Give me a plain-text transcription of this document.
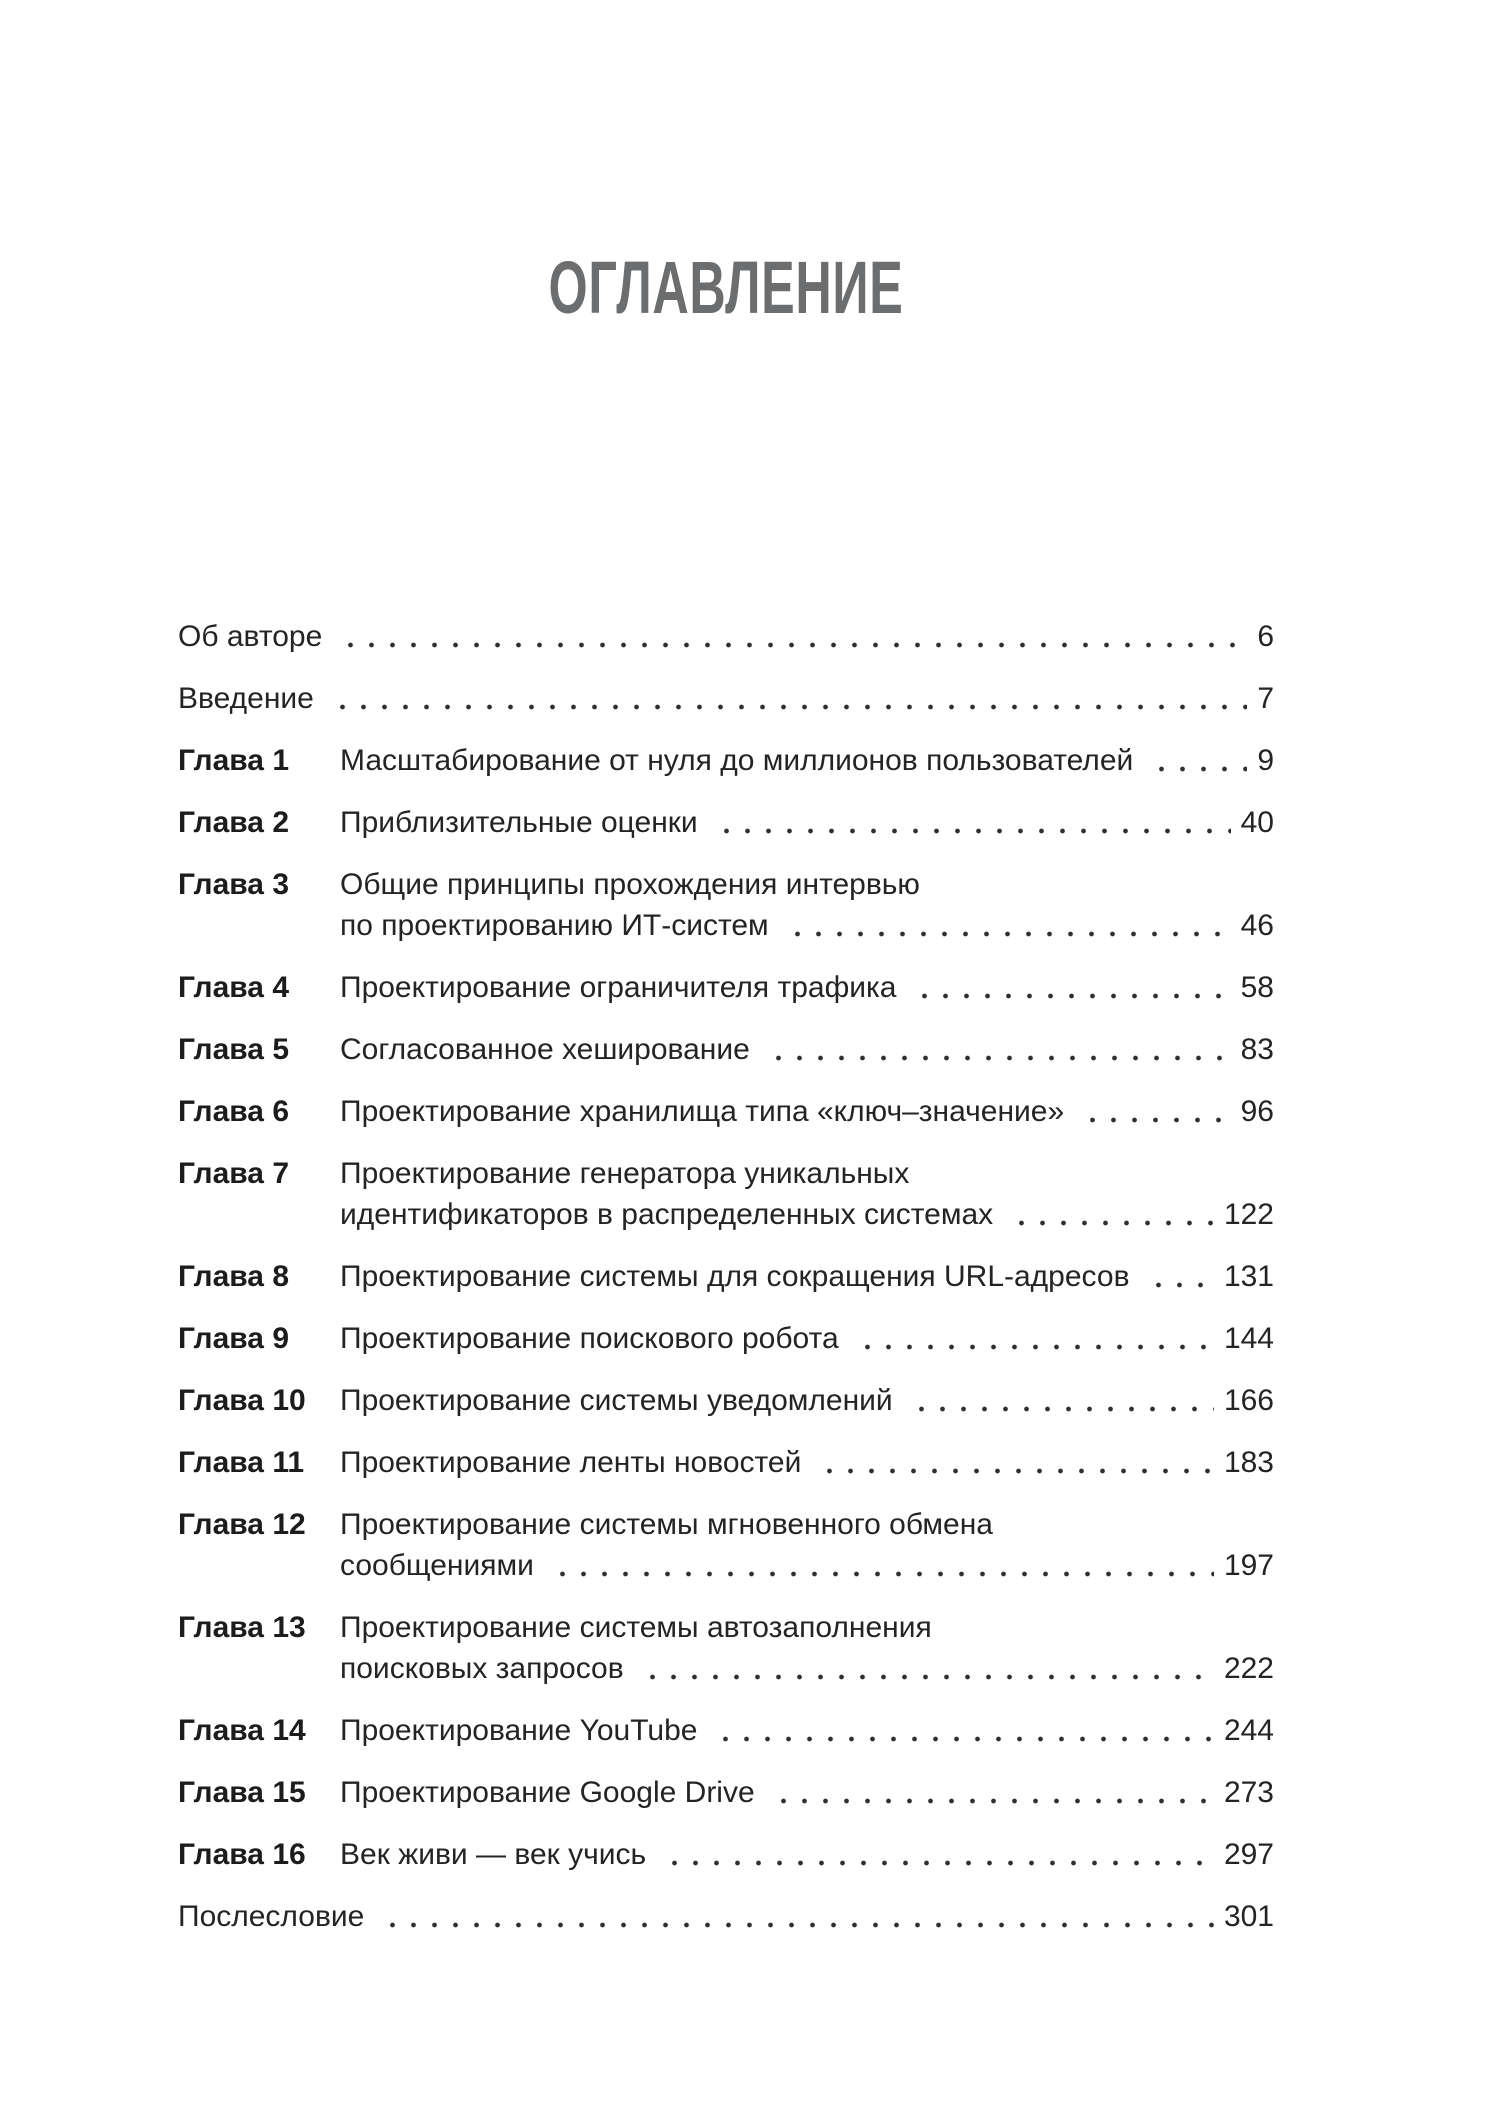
ОГЛАВЛЕНИЕ
Об авторе	6
Введение	7
Глава 1	Масштабирование от нуля до миллионов пользователей	9
Глава 2	Приблизительные оценки	40
Глава 3	Общие принципы прохождения интервью
по проектированию ИТ-систем	46
Глава 4	Проектирование ограничителя трафика	58
Глава 5	Согласованное хеширование	83
Глава 6	Проектирование хранилища типа «ключ–значение»	96
Глава 7	Проектирование генератора уникальных
идентификаторов в распределенных системах	122
Глава 8	Проектирование системы для сокращения URL-адресов	131
Глава 9	Проектирование поискового робота	144
Глава 10	Проектирование системы уведомлений	166
Глава 11	Проектирование ленты новостей	183
Глава 12	Проектирование системы мгновенного обмена
сообщениями	197
Глава 13	Проектирование системы автозаполнения
поисковых запросов	222
Глава 14	Проектирование YouTube	244
Глава 15	Проектирование Google Drive	273
Глава 16	Век живи — век учись	297
Послесловие	301
